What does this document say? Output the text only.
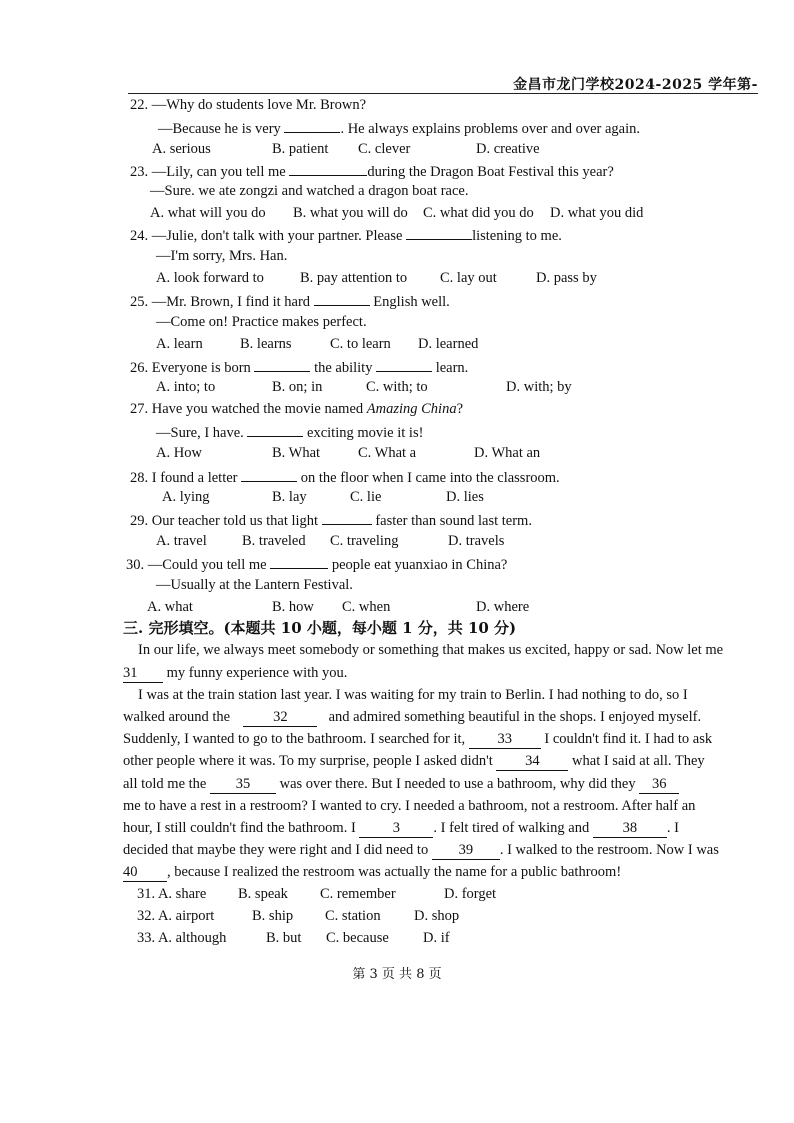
金昌市龙门学校2024-2025 学年第-
22. —Why do students love Mr. Brown?
—Because he is very	. He always explains problems over and over again.
A. serious	B. patient C. clever	D. creative
23. —Lily, can you tell me	during the Dragon Boat Festival this year?
—Sure. we ate zongzi and watched a dragon boat race.
A. what will you do B. what you will do C. what did you do D. what you did
24. —Julie, don't talk with your partner. Please	listening to me.
—I'm sorry, Mrs. Han.
A. look forward to B. pay attention to C. lay out	D. pass by
25. —Mr. Brown, I find it hard	English well.
—Come on! Practice makes perfect.
A. learn	B. learns	C. to learn D. learned
26. Everyone is born	the ability	learn.
A. into; to	B. on; in	C. with; to	D. with; by
27. Have you watched the movie named Amazing China?
—Sure, I have.	exciting movie it is!
A. How	B. What	C. What a	D. What an
28. I found a letter	on the floor when I came into the classroom.
A. lying	B. lay	C. lie	D. lies
29. Our teacher told us that light	faster than sound last term.
A. travel B. traveled C. traveling	D. travels
30. —Could you tell me	people eat yuanxiao in China?
—Usually at the Lantern Festival.
A. what	B. how C. when	D. where
三. 完形填空。(本题共 10 小题，每小题 1 分，共 10 分)
In our life, we always meet somebody or something that makes us excited, happy or sad. Now let me
31 my funny experience with you.
I was at the train station last year. I was waiting for my train to Berlin. I had nothing to do, so I
walked around the	32	and admired something beautiful in the shops. I enjoyed myself.
Suddenly, I wanted to go to the bathroom. I searched for it, 33 I couldn't find it. I had to ask
other people where it was. To my surprise, people I asked didn't 34 what I said at all. They
all told me the 35 was over there. But I needed to use a bathroom, why did they 36
me to have a rest in a restroom? I wanted to cry. I needed a bathroom, not a restroom. After half an
hour, I still couldn't find the bathroom. I	3 . I felt tired of walking and 38 . I
decided that maybe they were right and I did need to 39 . I walked to the restroom. Now I was
40 , because I realized the restroom was actually the name for a public bathroom!
31. A. share B. speak C. remember	D. forget
32. A. airport	B. ship C. station D. shop
33. A. although	B. but C. because D. if
第 3 页 共 8 页
